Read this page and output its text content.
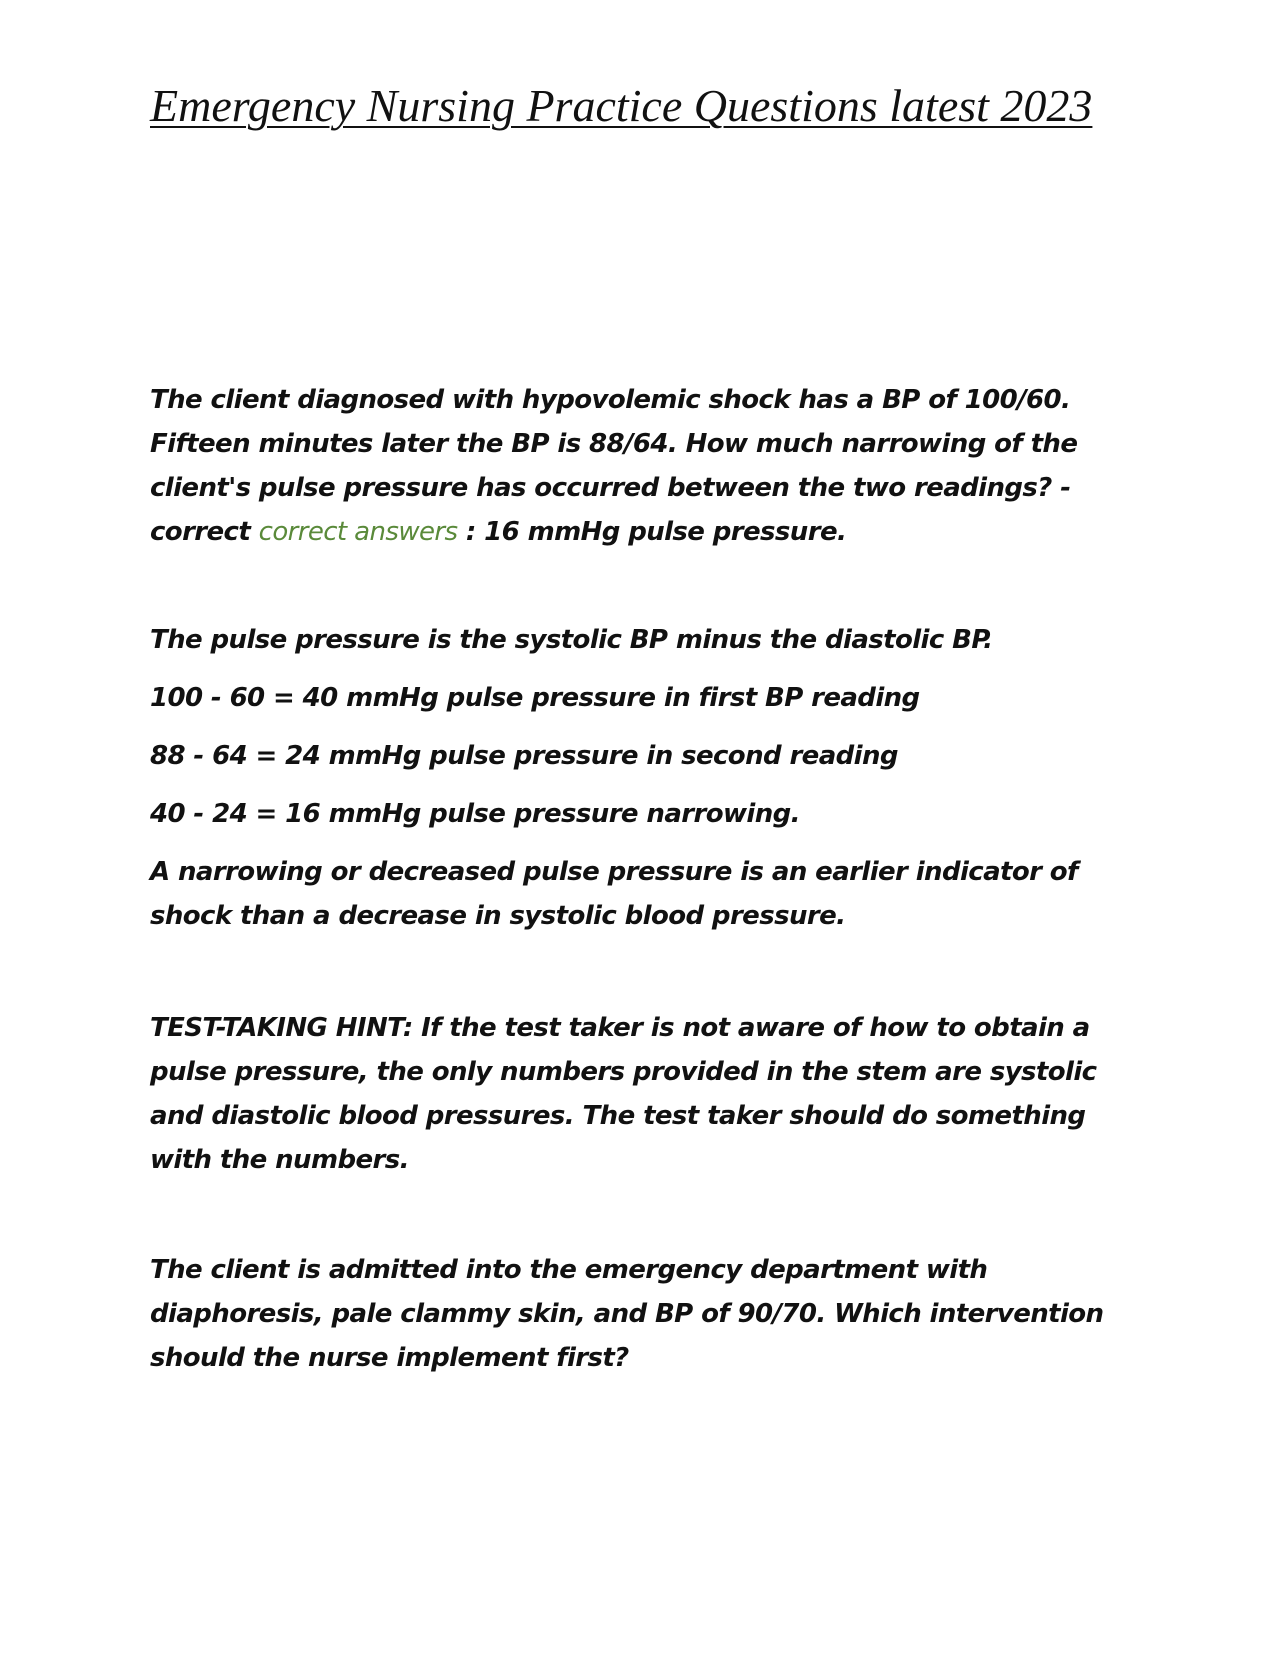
Emergency Nursing Practice Questions latest 2023

The client diagnosed with hypovolemic shock has a BP of 100/60. Fifteen minutes later the BP is 88/64. How much narrowing of the client's pulse pressure has occurred between the two readings? - correct correct answers : 16 mmHg pulse pressure.

The pulse pressure is the systolic BP minus the diastolic BP.

100 - 60 = 40 mmHg pulse pressure in first BP reading

88 - 64 = 24 mmHg pulse pressure in second reading

40 - 24 = 16 mmHg pulse pressure narrowing.

A narrowing or decreased pulse pressure is an earlier indicator of shock than a decrease in systolic blood pressure.

TEST-TAKING HINT: If the test taker is not aware of how to obtain a pulse pressure, the only numbers provided in the stem are systolic and diastolic blood pressures. The test taker should do something with the numbers.

The client is admitted into the emergency department with diaphoresis, pale clammy skin, and BP of 90/70. Which intervention should the nurse implement first?
